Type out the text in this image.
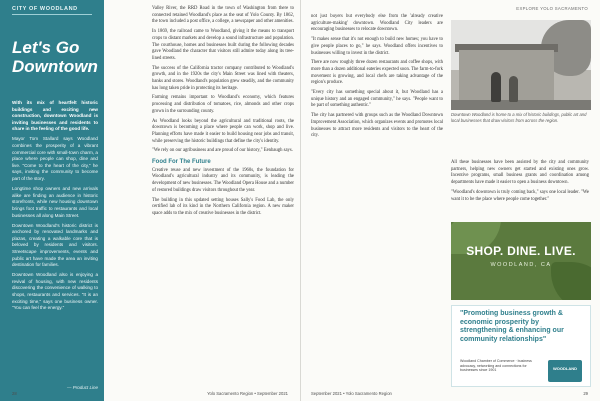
CITY OF WOODLAND
Let's Go Downtown

With its mix of heartfelt historic buildings and exciting new construction, downtown Woodland is inviting businesses and residents to share in the feeling of the good life.

Mayor Tom Stallard says Woodland combines the prosperity of a vibrant commercial core with small-town charm, a place where people can shop, dine and live. "Come to the heart of the city," he says, inviting the community to become part of the story.

Longtime shop owners and new arrivals alike are finding an audience in historic storefronts, while new housing downtown brings foot traffic to restaurants and local businesses all along Main Street.

Downtown Woodland's historic district is anchored by renovated landmarks and plazas, creating a walkable core that is beloved by residents and visitors. Streetscape improvements, events and public art have made the area an inviting destination for families.

Downtown Woodland also is enjoying a revival of housing, with new residents discovering the convenience of walking to shops, restaurants and services. "It is an exciting time," says one business owner. "You can feel the energy."

— Product Line

Valley River, the RRD Road in the town of Washington from there to connected retained Woodland's place as the seat of Yolo County. By 1862, the town included a post office, a college, a newspaper and other amenities.

In 1869, the railroad came to Woodland, giving it the means to transport crops to distant markets and develop a sound infrastructure and population. The courthouse, homes and businesses built during the following decades gave Woodland the character that visitors still admire today along its tree-lined streets.

The success of the California tractor company contributed to Woodland's growth, and in the 1920s the city's Main Street was lined with theaters, banks and stores. Woodland's population grew steadily, and the community has long taken pride in protecting its heritage.

Farming remains important to Woodland's economy, which features processing and distribution of tomatoes, rice, almonds and other crops grown in the surrounding county.

As Woodland looks beyond the agricultural and traditional roots, the downtown is becoming a place where people can work, shop and live. Planning efforts have made it easier to build housing near jobs and transit, while preserving the historic buildings that define the city's identity.

"We rely on our agribusiness and are proud of our history," Eenbaugh says.

Food For The Future

Creative reuse and new investment of the 1960s, the foundation for Woodland's agricultural industry and its community, is leading the development of new businesses. The Woodland Opera House and a number of restored buildings draw visitors throughout the year.

The building in this updated setting houses Sally's Food Lab, the only certified lab of its kind in the Northern California region. A new maker space adds to the mix of creative businesses in the district.

28	Yolo Sacramento Region • September 2021
EXPLORE YOLO SACRAMENTO

not just buyers but everybody else from the 'already creative agriculture-making' downtown. Woodland City leaders are encouraging businesses to relocate downtown.

"It makes sense that it's not enough to build new homes; you have to give people places to go," he says. Woodland offers incentives to businesses willing to invest in the district.

There are now roughly three dozen restaurants and coffee shops, with more than a dozen additional eateries expected soon. The farm-to-fork movement is growing, and local chefs are taking advantage of the region's produce.

"Every city has something special about it, but Woodland has a unique history and an engaged community," he says. "People want to be part of something authentic."

The city has partnered with groups such as the Woodland Downtown Improvement Association, which organizes events and promotes local businesses to attract more residents and visitors to the heart of the city.

Downtown Woodland is home to a mix of historic buildings, public art and local businesses that draw visitors from across the region.

All these businesses have been assisted by the city and community partners, helping new owners get started and existing ones grow. Incentive programs, small business grants and coordination among departments have made it easier to open a business downtown.

"Woodland's downtown is truly coming back," says one local leader. "We want it to be the place where people come together."

SHOP. DINE. LIVE.
WOODLAND, CA
"Promoting business growth & economic prosperity by strengthening & enhancing our community relationships"
Woodland Chamber of Commerce · business advocacy, networking and connections for businesses since 1901	WOODLAND
September 2021 • Yolo Sacramento Region	29
